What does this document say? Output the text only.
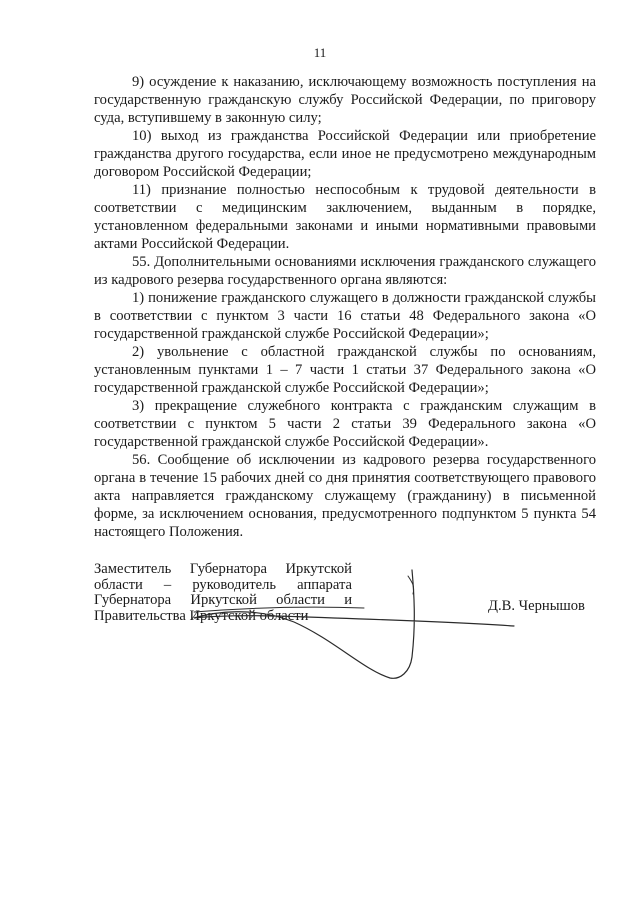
11

9) осуждение к наказанию, исключающему возможность поступления на государственную гражданскую службу Российской Федерации, по приговору суда, вступившему в законную силу;

10) выход из гражданства Российской Федерации или приобретение гражданства другого государства, если иное не предусмотрено международным договором Российской Федерации;

11) признание полностью неспособным к трудовой деятельности в соответствии с медицинским заключением, выданным в порядке, установленном федеральными законами и иными нормативными правовыми актами Российской Федерации.

55. Дополнительными основаниями исключения гражданского служащего из кадрового резерва государственного органа являются:

1) понижение гражданского служащего в должности гражданской службы в соответствии с пунктом 3 части 16 статьи 48 Федерального закона «О государственной гражданской службе Российской Федерации»;

2) увольнение с областной гражданской службы по основаниям, установленным пунктами 1 – 7 части 1 статьи 37 Федерального закона «О государственной гражданской службе Российской Федерации»;

3) прекращение служебного контракта с гражданским служащим в соответствии с пунктом 5 части 2 статьи 39 Федерального закона «О государственной гражданской службе Российской Федерации».

56. Сообщение об исключении из кадрового резерва государственного органа в течение 15 рабочих дней со дня принятия соответствующего правового акта направляется гражданскому служащему (гражданину) в письменной форме, за исключением основания, предусмотренного подпунктом 5 пункта 54 настоящего Положения.

Заместитель Губернатора Иркутской области – руководитель аппарата Губернатора Иркутской области и Правительства Иркутской области
Д.В. Чернышов
